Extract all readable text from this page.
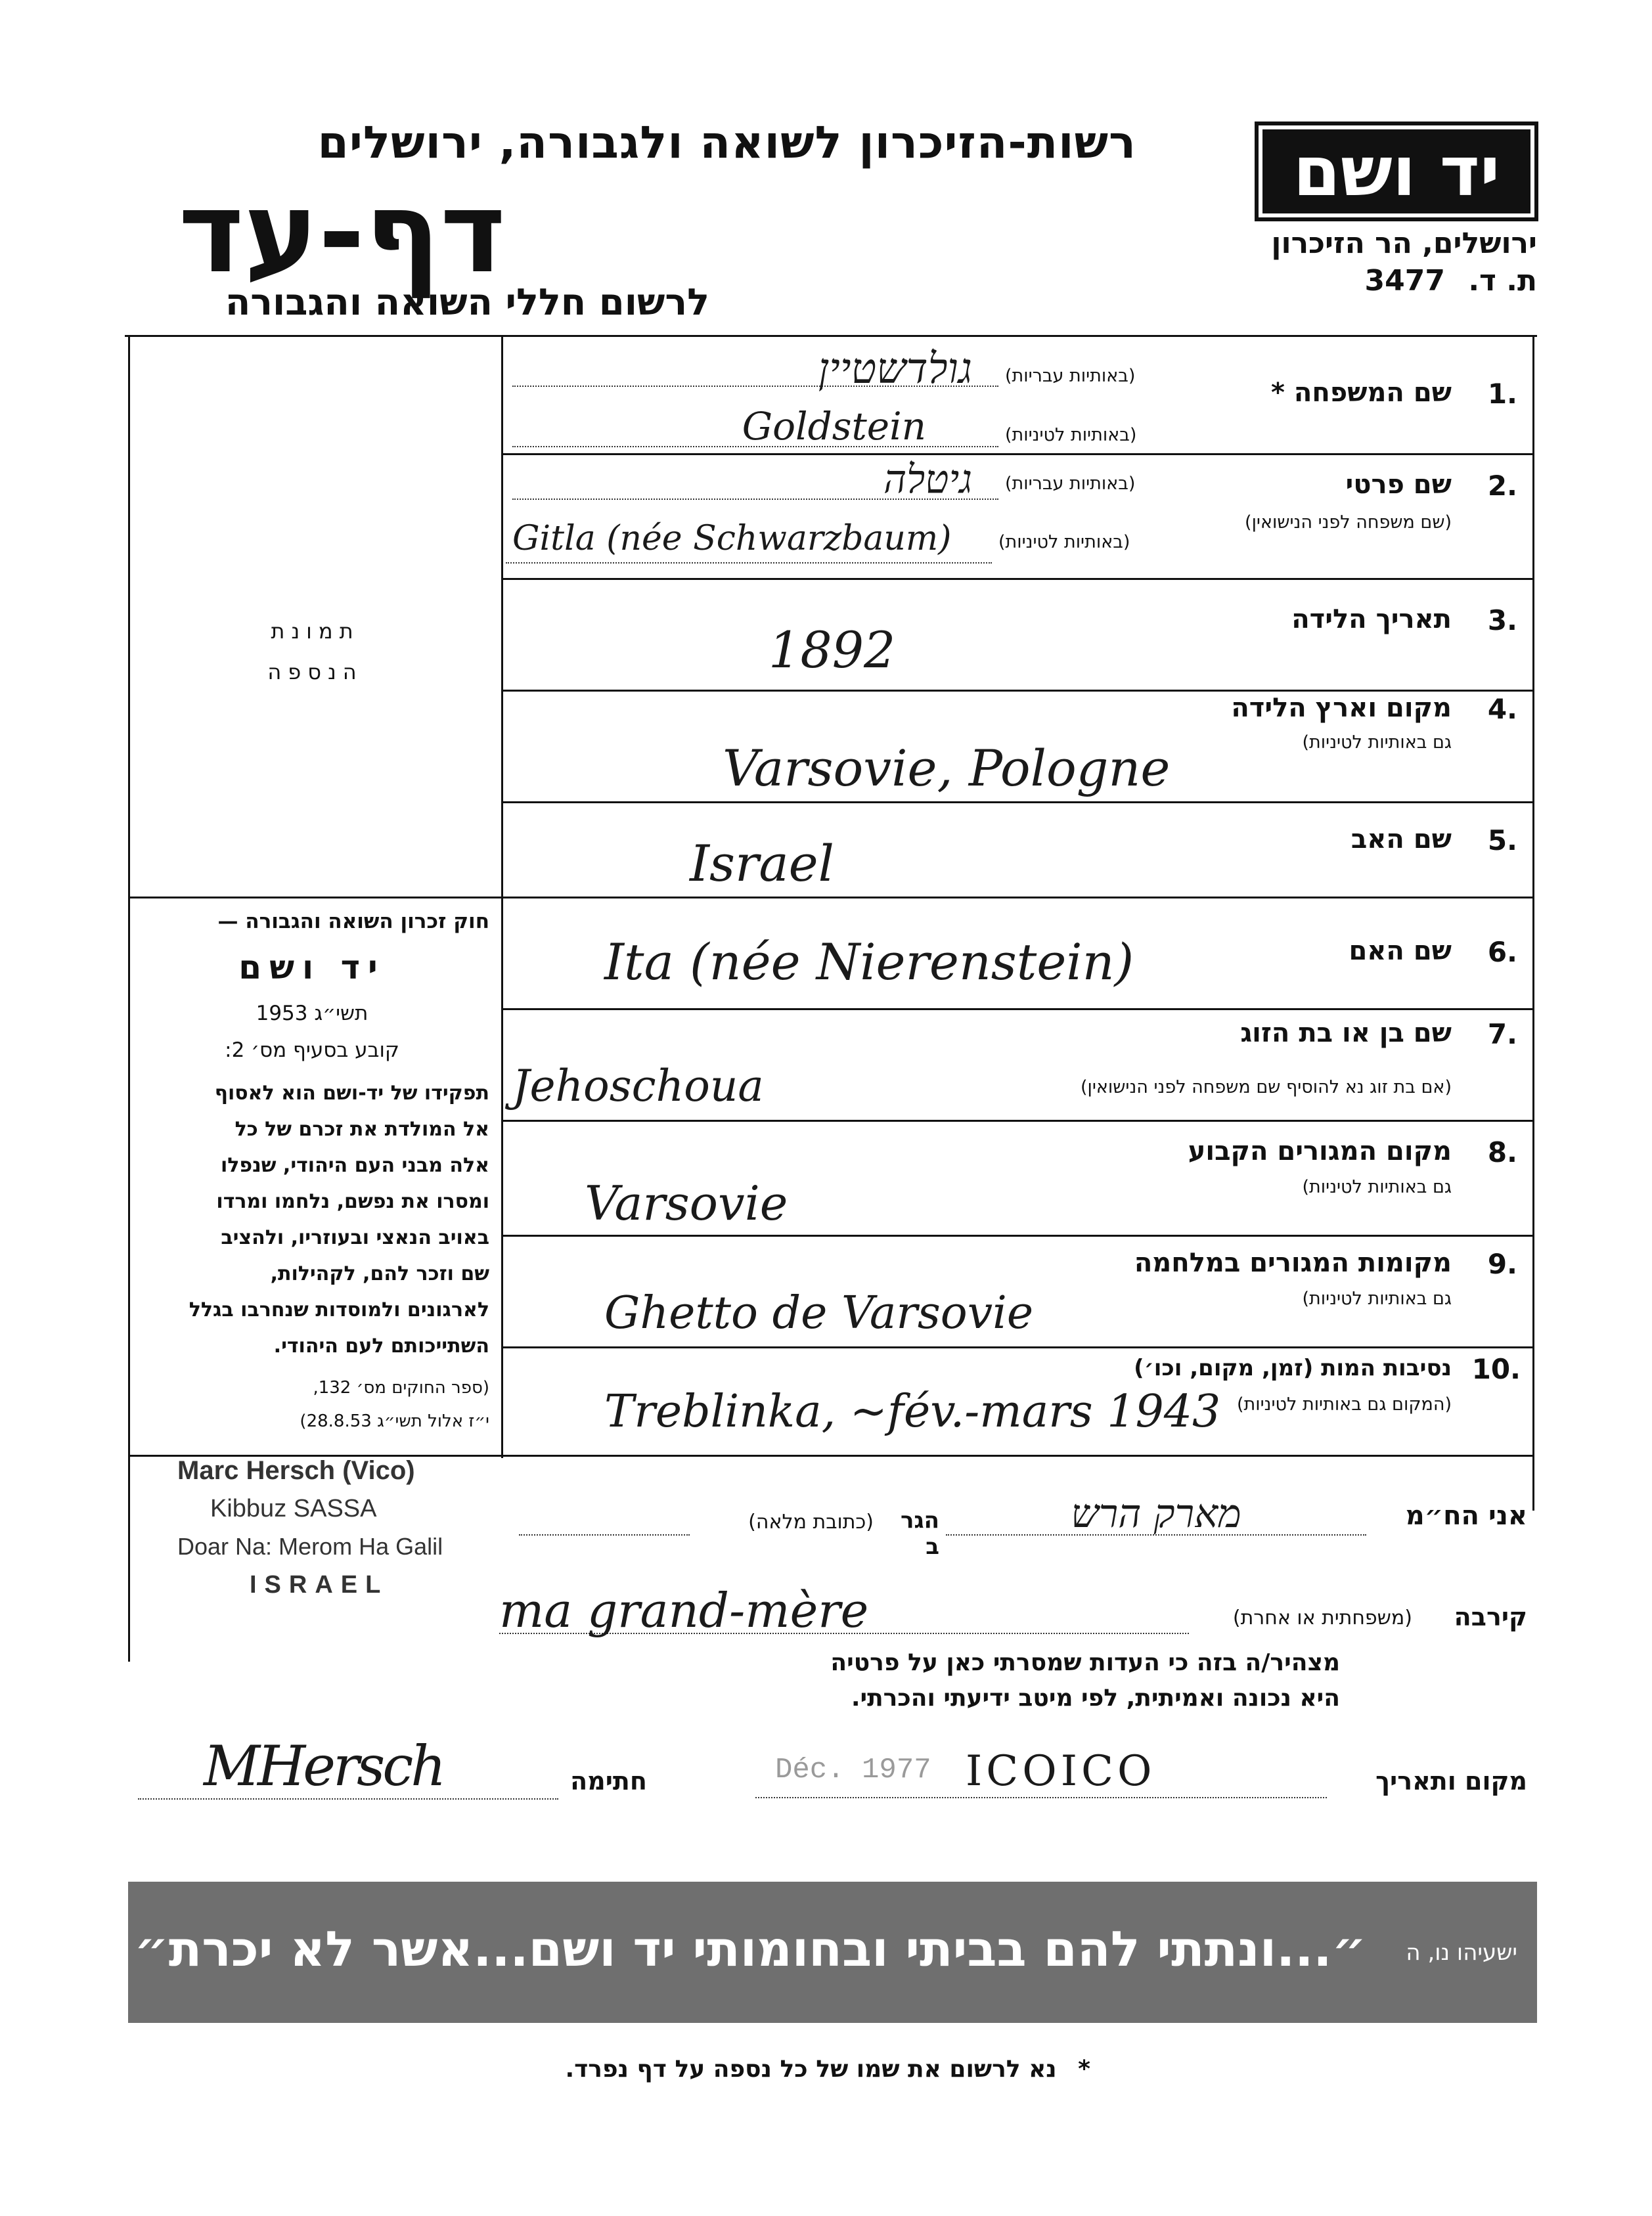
רשות-הזיכרון לשואה ולגבורה, ירושלים
דף-עד
לרשום חללי השואה והגבורה
יד ושם
ירושלים, הר הזיכרון
ת. ד. 3477
תמונת
הנספה
חוק זכרון השואה והגבורה —
יד ושם
תשי״ג 1953
קובע בסעיף מס׳ 2:
תפקידו של יד-ושם הוא לאסוף
אל המולדת את זכרם של כל
אלה מבני העם היהודי, שנפלו
ומסרו את נפשם, נלחמו ומרדו
באויב הנאצי ובעוזריו, ולהציב
שם וזכר להם, לקהילות,
לארגונים ולמוסדות שנחרבו בגלל
השתייכותם לעם היהודי.
(ספר החוקים מס׳ 132,
י״ז אלול תשי״ג 28.8.53)
1.
שם המשפחה *
(באותיות עבריות)
(באותיות לטיניות)
גולדשטיין
Goldstein
2.
שם פרטי
(שם משפחה לפני הנישואין)
(באותיות עבריות)
(באותיות לטיניות)
גיטלה
Gitla (née Schwarzbaum)
3.
תאריך הלידה
1892
4.
מקום וארץ הלידה
גם באותיות לטיניות)
Varsovie, Pologne
5.
שם האב
Israel
6.
שם האם
Ita (née Nierenstein)
7.
שם בן או בת הזוג
(אם בת זוג נא להוסיף שם משפחה לפני הנישואין)
Jehoschoua
8.
מקום המגורים הקבוע
גם באותיות לטיניות)
Varsovie
9.
מקומות המגורים במלחמה
גם באותיות לטיניות)
Ghetto de Varsovie
10.
נסיבות המות (זמן, מקום, וכו׳)
(המקום גם באותיות לטיניות)
Treblinka, ~fév.-mars 1943
Marc Hersch (Vico)
Kibbuz SASSA
Doar Na: Merom Ha Galil
ISRAEL
אני הח״מ
מארק הרש
הגר ב
(כתובת מלאה)
קירבה
(משפחתית או אחרת)
ma grand-mère
מצהיר/ה בזה כי העדות שמסרתי כאן על פרטיה
היא נכונה ואמיתית, לפי מיטב ידיעתי והכרתי.
מקום ותאריך
Déc. 1977 ICOICO
חתימה
MHersch
ישעיהו נו, ה
״...ונתתי להם בביתי ובחומותי יד ושם...אשר לא יכרת״
* נא לרשום את שמו של כל נספה על דף נפרד.
